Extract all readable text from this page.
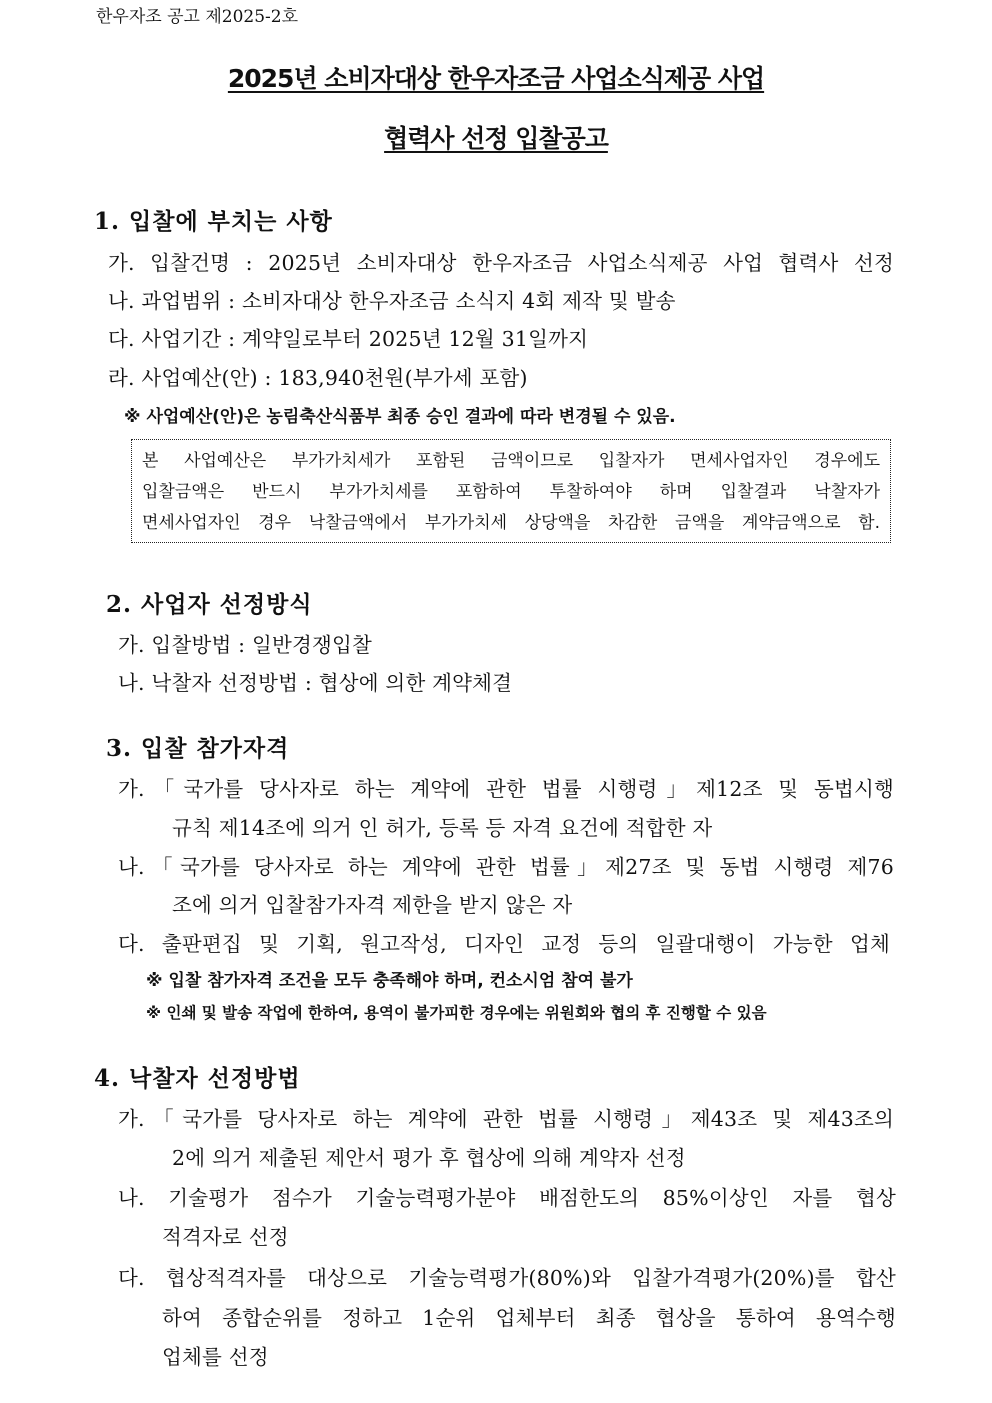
한우자조 공고 제2025-2호
2025년 소비자대상 한우자조금 사업소식제공 사업
협력사 선정 입찰공고
1. 입찰에 부치는 사항
가. 입찰건명 : 2025년 소비자대상 한우자조금 사업소식제공 사업 협력사 선정
나. 과업범위 : 소비자대상 한우자조금 소식지 4회 제작 및 발송
다. 사업기간 : 계약일로부터 2025년 12월 31일까지
라. 사업예산(안) : 183,940천원(부가세 포함)
※ 사업예산(안)은 농림축산식품부 최종 승인 결과에 따라 변경될 수 있음.
본 사업예산은 부가가치세가 포함된 금액이므로 입찰자가 면세사업자인 경우에도
입찰금액은 반드시 부가가치세를 포함하여 투찰하여야 하며 입찰결과 낙찰자가
면세사업자인 경우 낙찰금액에서 부가가치세 상당액을 차감한 금액을 계약금액으로 함.
2. 사업자 선정방식
가. 입찰방법 : 일반경쟁입찰
나. 낙찰자 선정방법 : 협상에 의한 계약체결
3. 입찰 참가자격
가.「국가를 당사자로 하는 계약에 관한 법률 시행령」제12조 및 동법시행
규칙 제14조에 의거 인 허가, 등록 등 자격 요건에 적합한 자
나.「국가를 당사자로 하는 계약에 관한 법률」제27조 및 동법 시행령 제76
조에 의거 입찰참가자격 제한을 받지 않은 자
다. 출판편집 및 기획, 원고작성, 디자인 교정 등의 일괄대행이 가능한 업체
※ 입찰 참가자격 조건을 모두 충족해야 하며, 컨소시엄 참여 불가
※ 인쇄 및 발송 작업에 한하여, 용역이 불가피한 경우에는 위원회와 협의 후 진행할 수 있음
4. 낙찰자 선정방법
가.「국가를 당사자로 하는 계약에 관한 법률 시행령」제43조 및 제43조의
2에 의거 제출된 제안서 평가 후 협상에 의해 계약자 선정
나. 기술평가 점수가 기술능력평가분야 배점한도의 85%이상인 자를 협상
적격자로 선정
다. 협상적격자를 대상으로 기술능력평가(80%)와 입찰가격평가(20%)를 합산
하여 종합순위를 정하고 1순위 업체부터 최종 협상을 통하여 용역수행
업체를 선정
